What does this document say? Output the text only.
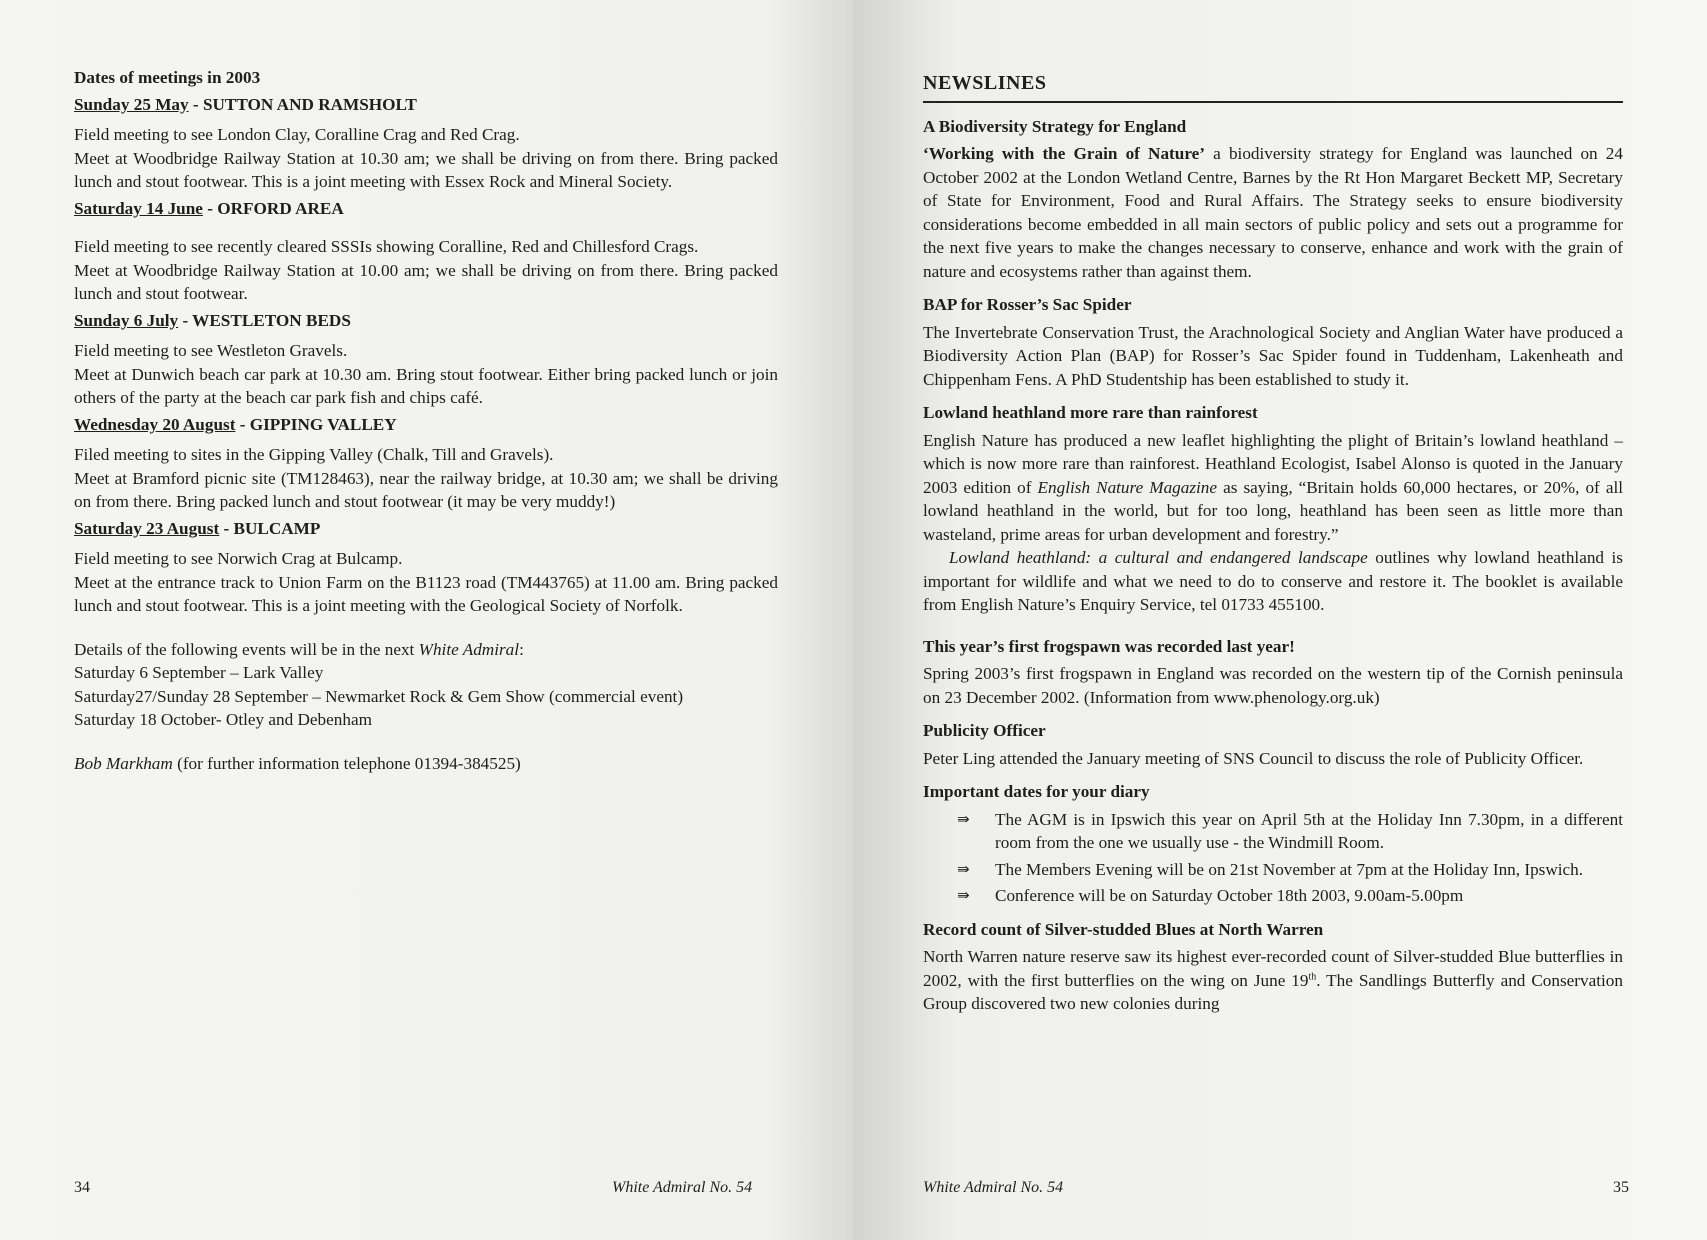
Dates of meetings in 2003

Sunday 25 May - SUTTON AND RAMSHOLT

Field meeting to see London Clay, Coralline Crag and Red Crag.

Meet at Woodbridge Railway Station at 10.30 am; we shall be driving on from there. Bring packed lunch and stout footwear. This is a joint meeting with Essex Rock and Mineral Society.

Saturday 14 June - ORFORD AREA

Field meeting to see recently cleared SSSIs showing Coralline, Red and Chillesford Crags.

Meet at Woodbridge Railway Station at 10.00 am; we shall be driving on from there. Bring packed lunch and stout footwear.

Sunday 6 July - WESTLETON BEDS

Field meeting to see Westleton Gravels.

Meet at Dunwich beach car park at 10.30 am. Bring stout footwear. Either bring packed lunch or join others of the party at the beach car park fish and chips café.

Wednesday 20 August - GIPPING VALLEY

Filed meeting to sites in the Gipping Valley (Chalk, Till and Gravels).

Meet at Bramford picnic site (TM128463), near the railway bridge, at 10.30 am; we shall be driving on from there. Bring packed lunch and stout footwear (it may be very muddy!)

Saturday 23 August - BULCAMP

Field meeting to see Norwich Crag at Bulcamp.

Meet at the entrance track to Union Farm on the B1123 road (TM443765) at 11.00 am. Bring packed lunch and stout footwear. This is a joint meeting with the Geological Society of Norfolk.

Details of the following events will be in the next White Admiral:

Saturday 6 September – Lark Valley

Saturday27/Sunday 28 September – Newmarket Rock & Gem Show (commercial event)

Saturday 18 October- Otley and Debenham

Bob Markham (for further information telephone 01394-384525)

34	White Admiral No. 54
NEWSLINES

A Biodiversity Strategy for England

‘Working with the Grain of Nature’ a biodiversity strategy for England was launched on 24 October 2002 at the London Wetland Centre, Barnes by the Rt Hon Margaret Beckett MP, Secretary of State for Environment, Food and Rural Affairs. The Strategy seeks to ensure biodiversity considerations become embedded in all main sectors of public policy and sets out a programme for the next five years to make the changes necessary to conserve, enhance and work with the grain of nature and ecosystems rather than against them.

BAP for Rosser’s Sac Spider

The Invertebrate Conservation Trust, the Arachnological Society and Anglian Water have produced a Biodiversity Action Plan (BAP) for Rosser’s Sac Spider found in Tuddenham, Lakenheath and Chippenham Fens. A PhD Studentship has been established to study it.

Lowland heathland more rare than rainforest

English Nature has produced a new leaflet highlighting the plight of Britain’s lowland heathland – which is now more rare than rainforest. Heathland Ecologist, Isabel Alonso is quoted in the January 2003 edition of English Nature Magazine as saying, “Britain holds 60,000 hectares, or 20%, of all lowland heathland in the world, but for too long, heathland has been seen as little more than wasteland, prime areas for urban development and forestry.”

Lowland heathland: a cultural and endangered landscape outlines why lowland heathland is important for wildlife and what we need to do to conserve and restore it. The booklet is available from English Nature’s Enquiry Service, tel 01733 455100.

This year’s first frogspawn was recorded last year!

Spring 2003’s first frogspawn in England was recorded on the western tip of the Cornish peninsula on 23 December 2002. (Information from www.phenology.org.uk)

Publicity Officer

Peter Ling attended the January meeting of SNS Council to discuss the role of Publicity Officer.

Important dates for your diary

⇛ The AGM is in Ipswich this year on April 5th at the Holiday Inn 7.30pm, in a different room from the one we usually use - the Windmill Room.
⇛ The Members Evening will be on 21st November at 7pm at the Holiday Inn, Ipswich.
⇛ Conference will be on Saturday October 18th 2003, 9.00am-5.00pm

Record count of Silver-studded Blues at North Warren

North Warren nature reserve saw its highest ever-recorded count of Silver-studded Blue butterflies in 2002, with the first butterflies on the wing on June 19th. The Sandlings Butterfly and Conservation Group discovered two new colonies during

White Admiral No. 54	35
